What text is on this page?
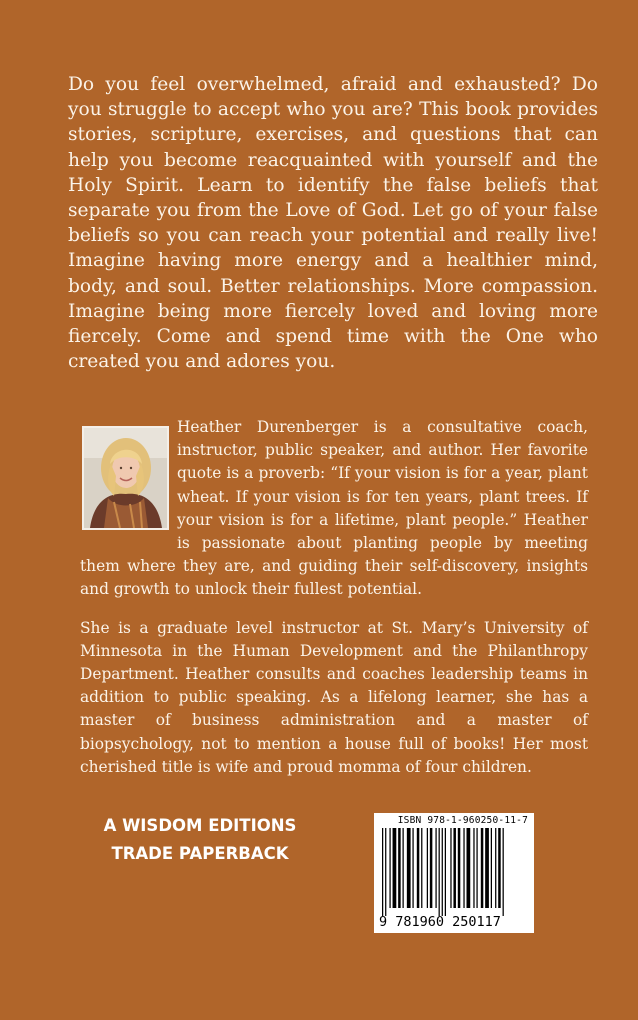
Do you feel overwhelmed, afraid and exhausted? Do you struggle to accept who you are? This book provides stories, scripture, exercises, and questions that can help you become reacquainted with yourself and the Holy Spirit. Learn to identify the false beliefs that separate you from the Love of God. Let go of your false beliefs so you can reach your potential and really live! Imagine having more energy and a healthier mind, body, and soul. Better relationships. More compassion. Imagine being more fiercely loved and loving more fiercely. Come and spend time with the One who created you and adores you.

Heather Durenberger is a consultative coach, instructor, public speaker, and author. Her favorite quote is a proverb: “If your vision is for a year, plant wheat. If your vision is for ten years, plant trees. If your vision is for a lifetime, plant people.” Heather is passionate about planting people by meeting them where they are, and guiding their self-discovery, insights and growth to unlock their fullest potential.

She is a graduate level instructor at St. Mary’s University of Minnesota in the Human Development and the Philanthropy Department. Heather consults and coaches leadership teams in addition to public speaking. As a lifelong learner, she has a master of business administration and a master of biopsychology, not to mention a house full of books! Her most cherished title is wife and proud momma of four children.

A WISDOM EDITIONS
TRADE PAPERBACK
ISBN 978-1-960250-11-7
9 781960 250117
